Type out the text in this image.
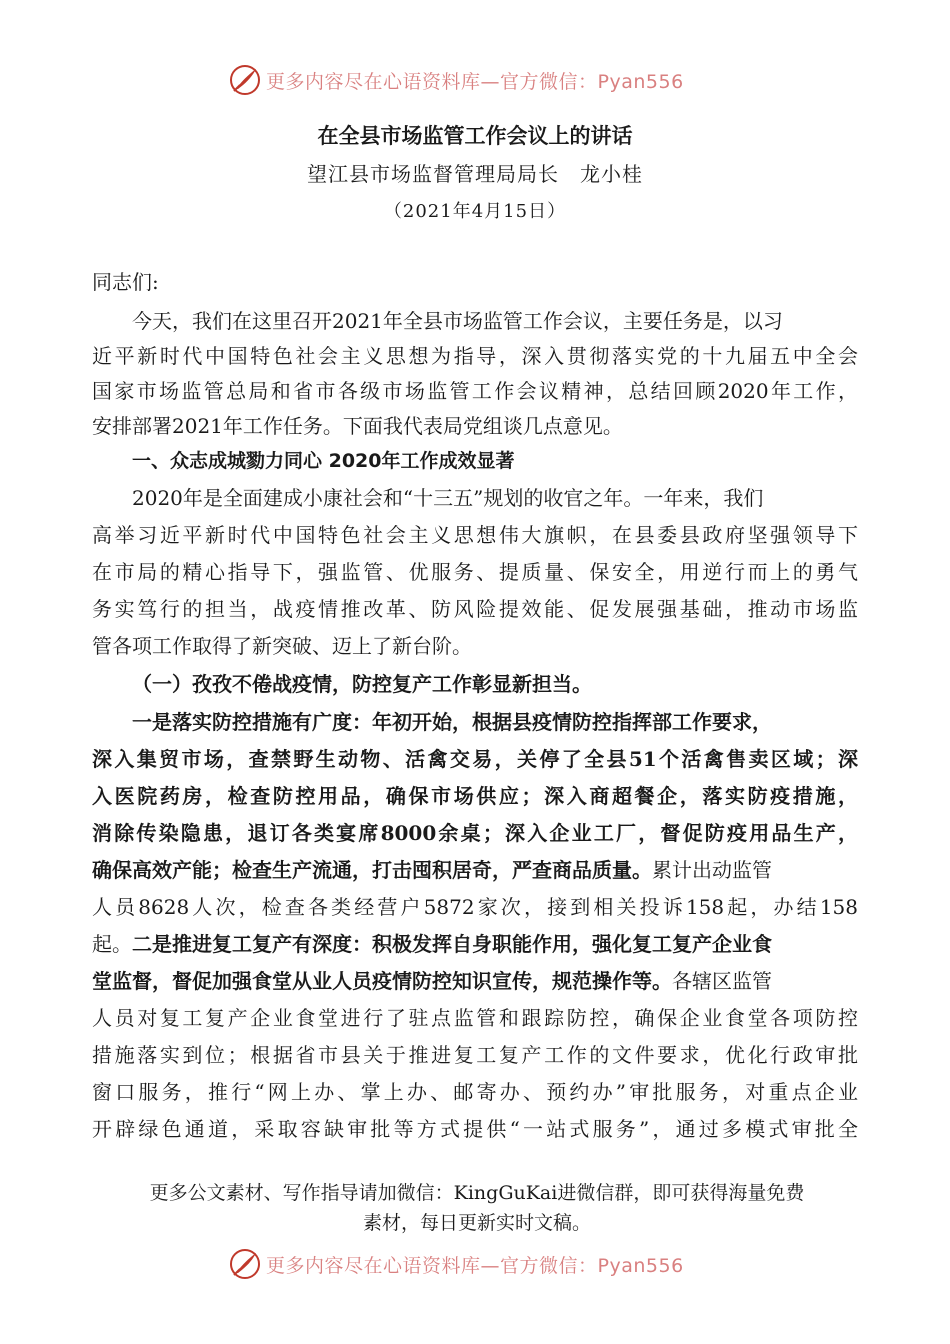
更多内容尽在心语资料库—官方微信：Pyan556
在全县市场监管工作会议上的讲话
望江县市场监督管理局局长　龙小桂
（2021年4月15日）
同志们:
今天，我们在这里召开2021年全县市场监管工作会议，主要任务是，以习
近平新时代中国特色社会主义思想为指导，深入贯彻落实党的十九届五中全会
国家市场监管总局和省市各级市场监管工作会议精神，总结回顾2020年工作，
安排部署2021年工作任务。下面我代表局党组谈几点意见。
一、众志成城勠力同心 2020年工作成效显著
2020年是全面建成小康社会和“十三五”规划的收官之年。一年来，我们
高举习近平新时代中国特色社会主义思想伟大旗帜，在县委县政府坚强领导下
在市局的精心指导下，强监管、优服务、提质量、保安全，用逆行而上的勇气
务实笃行的担当，战疫情推改革、防风险提效能、促发展强基础，推动市场监
管各项工作取得了新突破、迈上了新台阶。
（一）孜孜不倦战疫情，防控复产工作彰显新担当。
一是落实防控措施有广度：年初开始，根据县疫情防控指挥部工作要求，
深入集贸市场，查禁野生动物、活禽交易，关停了全县51个活禽售卖区域；深
入医院药房，检查防控用品，确保市场供应；深入商超餐企，落实防疫措施，
消除传染隐患，退订各类宴席8000余桌；深入企业工厂，督促防疫用品生产，
确保高效产能；检查生产流通，打击囤积居奇，严查商品质量。累计出动监管
人员8628人次，检查各类经营户5872家次，接到相关投诉158起，办结158
起。二是推进复工复产有深度：积极发挥自身职能作用，强化复工复产企业食
堂监督，督促加强食堂从业人员疫情防控知识宣传，规范操作等。各辖区监管
人员对复工复产企业食堂进行了驻点监管和跟踪防控，确保企业食堂各项防控
措施落实到位；根据省市县关于推进复工复产工作的文件要求，优化行政审批
窗口服务，推行“网上办、掌上办、邮寄办、预约办”审批服务，对重点企业
开辟绿色通道，采取容缺审批等方式提供“一站式服务”，通过多模式审批全
更多公文素材、写作指导请加微信：KingGuKai进微信群，即可获得海量免费
素材，每日更新实时文稿。
更多内容尽在心语资料库—官方微信：Pyan556
